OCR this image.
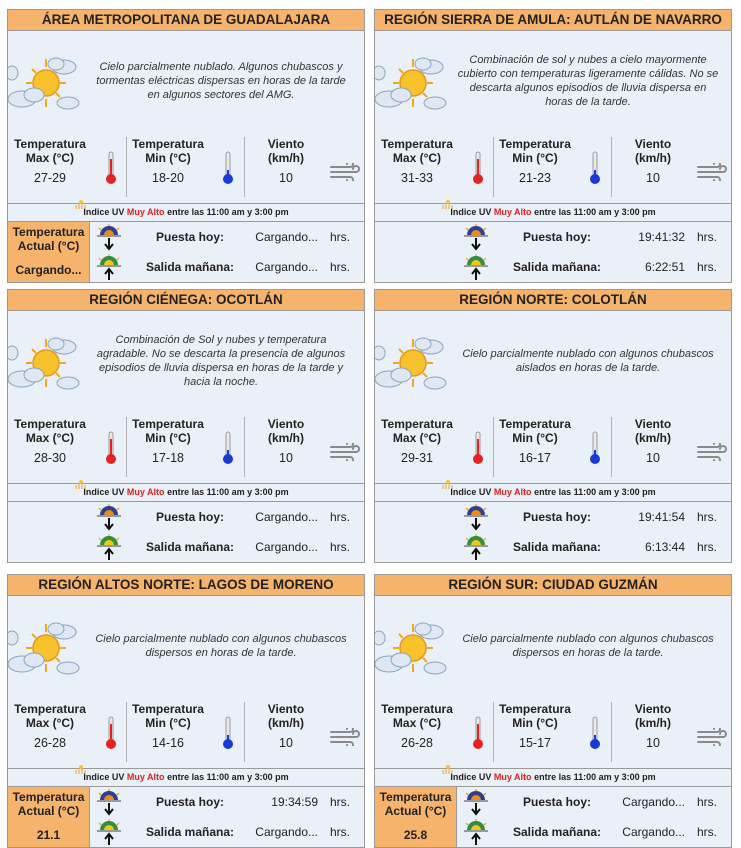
ÁREA METROPOLITANA DE GUADALAJARA
Cielo parcialmente nublado. Algunos chubascos y tormentas eléctricas dispersas en horas de la tarde en algunos sectores del AMG.
Temperatura
Max (°C)
27-29
Temperatura
Min (°C)
18-20
Viento
(km/h)
10
Indice UV Muy Alto entre las 11:00 am y 3:00 pm
Temperatura
Actual (°C)
Cargando...
Puesta hoy:	Cargando... hrs.
Salida mañana:	Cargando... hrs.
REGIÓN SIERRA DE AMULA: AUTLÁN DE NAVARRO
Combinación de sol y nubes a cielo mayormente cubierto con temperaturas ligeramente cálidas. No se descarta algunos episodios de lluvia dispersa en horas de la tarde.
Temperatura
Max (°C)
31-33
Temperatura
Min (°C)
21-23
Viento
(km/h)
10
Indice UV Muy Alto entre las 11:00 am y 3:00 pm
Puesta hoy:	19:41:32 hrs.
Salida mañana:	6:22:51 hrs.
REGIÓN CIÉNEGA: OCOTLÁN
Combinación de Sol y nubes y temperatura agradable. No se descarta la presencia de algunos episodios de lluvia dispersa en horas de la tarde y hacia la noche.
Temperatura
Max (°C)
28-30
Temperatura
Min (°C)
17-18
Viento
(km/h)
10
Indice UV Muy Alto entre las 11:00 am y 3:00 pm
Puesta hoy:	Cargando... hrs.
Salida mañana:	Cargando... hrs.
REGIÓN NORTE: COLOTLÁN
Cielo parcialmente nublado con algunos chubascos aislados en horas de la tarde.
Temperatura
Max (°C)
29-31
Temperatura
Min (°C)
16-17
Viento
(km/h)
10
Indice UV Muy Alto entre las 11:00 am y 3:00 pm
Puesta hoy:	19:41:54 hrs.
Salida mañana:	6:13:44 hrs.
REGIÓN ALTOS NORTE: LAGOS DE MORENO
Cielo parcialmente nublado con algunos chubascos dispersos en horas de la tarde.
Temperatura
Max (°C)
26-28
Temperatura
Min (°C)
14-16
Viento
(km/h)
10
Indice UV Muy Alto entre las 11:00 am y 3:00 pm
Temperatura
Actual (°C)
21.1
Puesta hoy:	19:34:59 hrs.
Salida mañana:	Cargando... hrs.
REGIÓN SUR: CIUDAD GUZMÁN
Cielo parcialmente nublado con algunos chubascos dispersos en horas de la tarde.
Temperatura
Max (°C)
26-28
Temperatura
Min (°C)
15-17
Viento
(km/h)
10
Indice UV Muy Alto entre las 11:00 am y 3:00 pm
Temperatura
Actual (°C)
25.8
Puesta hoy:	Cargando... hrs.
Salida mañana:	Cargando... hrs.
